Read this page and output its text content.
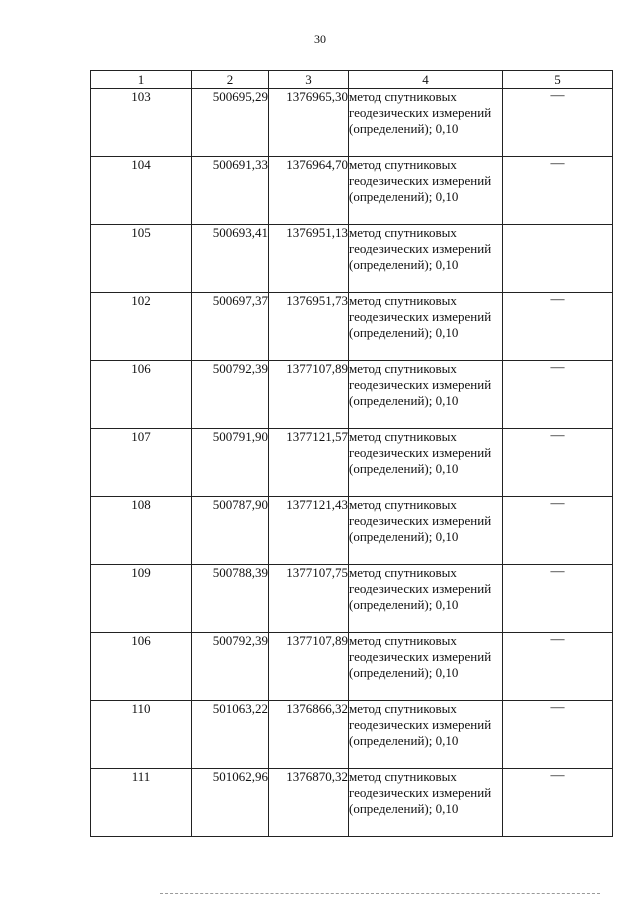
30
1	2	3	4	5
103	500695,29	1376965,30	метод спутниковых геодезических измерений (определений); 0,10	—
104	500691,33	1376964,70	метод спутниковых геодезических измерений (определений); 0,10	—
105	500693,41	1376951,13	метод спутниковых геодезических измерений (определений); 0,10	
102	500697,37	1376951,73	метод спутниковых геодезических измерений (определений); 0,10	—
106	500792,39	1377107,89	метод спутниковых геодезических измерений (определений); 0,10	—
107	500791,90	1377121,57	метод спутниковых геодезических измерений (определений); 0,10	—
108	500787,90	1377121,43	метод спутниковых геодезических измерений (определений); 0,10	—
109	500788,39	1377107,75	метод спутниковых геодезических измерений (определений); 0,10	—
106	500792,39	1377107,89	метод спутниковых геодезических измерений (определений); 0,10	—
110	501063,22	1376866,32	метод спутниковых геодезических измерений (определений); 0,10	—
111	501062,96	1376870,32	метод спутниковых геодезических измерений (определений); 0,10	—
